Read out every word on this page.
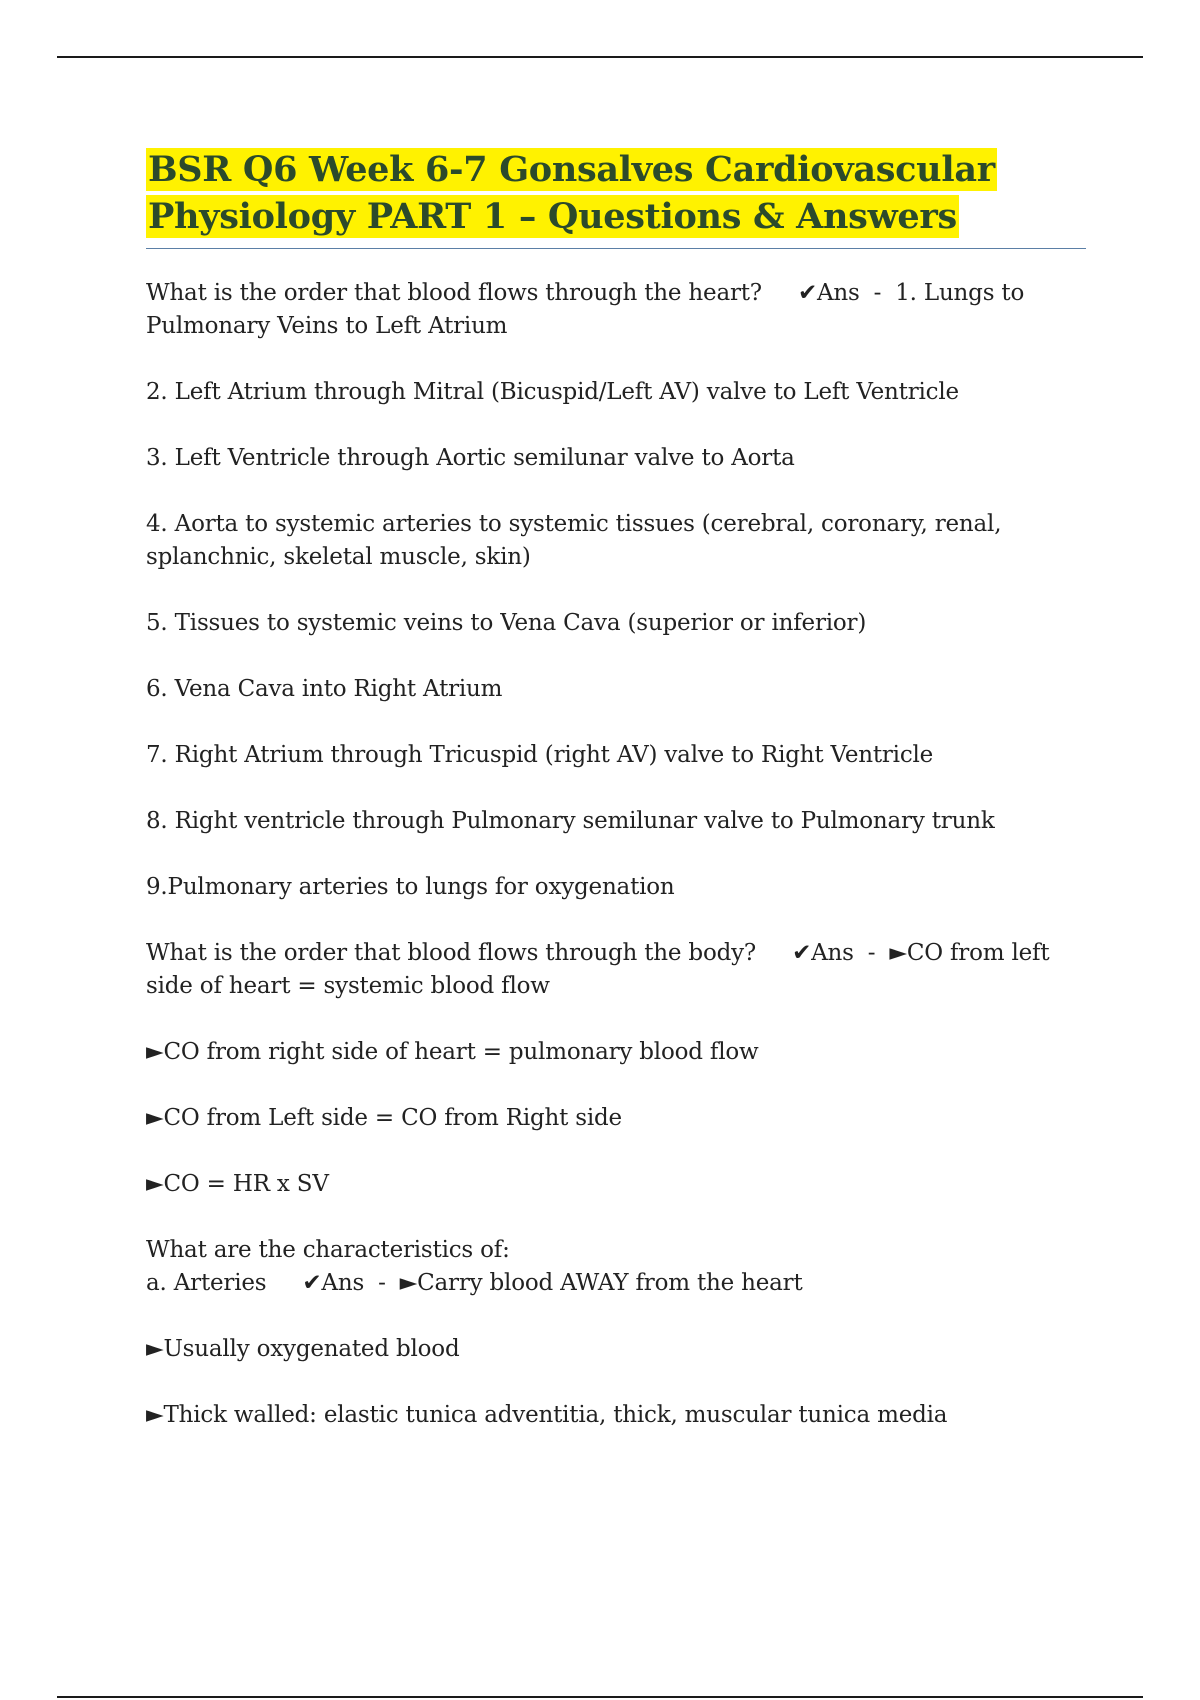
BSR Q6 Week 6-7 Gonsalves Cardiovascular Physiology PART 1 – Questions & Answers

What is the order that blood flows through the heart? ✔Ans - 1. Lungs to Pulmonary Veins to Left Atrium

2. Left Atrium through Mitral (Bicuspid/Left AV) valve to Left Ventricle

3. Left Ventricle through Aortic semilunar valve to Aorta

4. Aorta to systemic arteries to systemic tissues (cerebral, coronary, renal, splanchnic, skeletal muscle, skin)

5. Tissues to systemic veins to Vena Cava (superior or inferior)

6. Vena Cava into Right Atrium

7. Right Atrium through Tricuspid (right AV) valve to Right Ventricle

8. Right ventricle through Pulmonary semilunar valve to Pulmonary trunk

9.Pulmonary arteries to lungs for oxygenation

What is the order that blood flows through the body? ✔Ans - ►CO from left side of heart = systemic blood flow

►CO from right side of heart = pulmonary blood flow

►CO from Left side = CO from Right side

►CO = HR x SV

What are the characteristics of:
a. Arteries ✔Ans - ►Carry blood AWAY from the heart

►Usually oxygenated blood

►Thick walled: elastic tunica adventitia, thick, muscular tunica media
